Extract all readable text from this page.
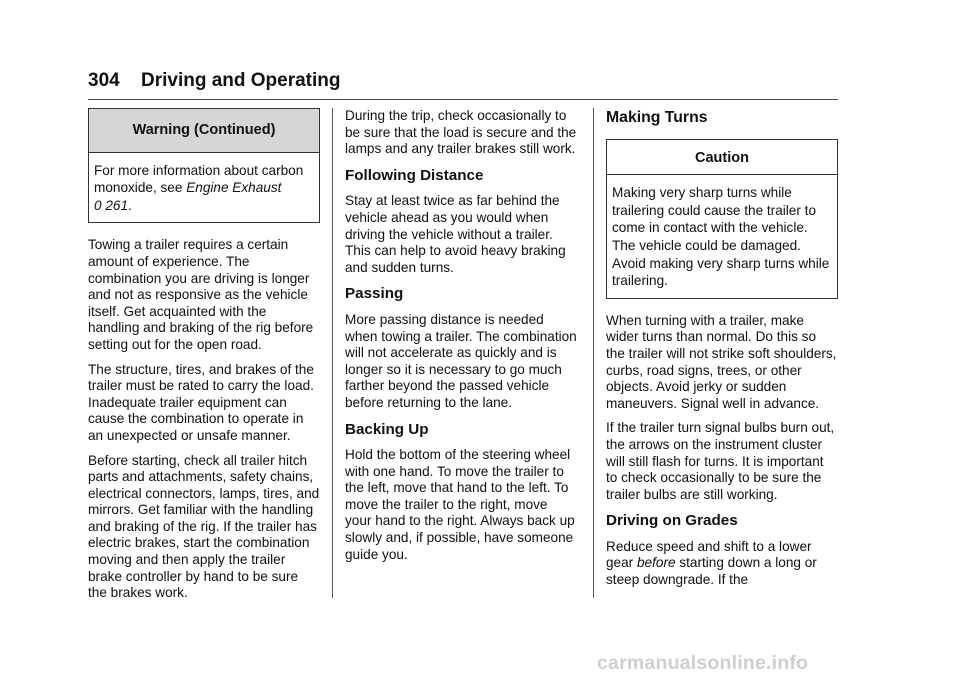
304 Driving and Operating
Warning (Continued)
For more information about carbon monoxide, see Engine Exhaust
0 261.

Towing a trailer requires a certain amount of experience. The combination you are driving is longer and not as responsive as the vehicle itself. Get acquainted with the handling and braking of the rig before setting out for the open road.

The structure, tires, and brakes of the trailer must be rated to carry the load. Inadequate trailer equipment can cause the combination to operate in an unexpected or unsafe manner.

Before starting, check all trailer hitch parts and attachments, safety chains, electrical connectors, lamps, tires, and mirrors. Get familiar with the handling and braking of the rig. If the trailer has electric brakes, start the combination moving and then apply the trailer brake controller by hand to be sure the brakes work.

During the trip, check occasionally to be sure that the load is secure and the lamps and any trailer brakes still work.

Following Distance

Stay at least twice as far behind the vehicle ahead as you would when driving the vehicle without a trailer. This can help to avoid heavy braking and sudden turns.

Passing

More passing distance is needed when towing a trailer. The combination will not accelerate as quickly and is longer so it is necessary to go much farther beyond the passed vehicle before returning to the lane.

Backing Up

Hold the bottom of the steering wheel with one hand. To move the trailer to the left, move that hand to the left. To move the trailer to the right, move your hand to the right. Always back up slowly and, if possible, have someone guide you.

Making Turns
Caution
Making very sharp turns while trailering could cause the trailer to come in contact with the vehicle. The vehicle could be damaged. Avoid making very sharp turns while trailering.

When turning with a trailer, make wider turns than normal. Do this so the trailer will not strike soft shoulders, curbs, road signs, trees, or other objects. Avoid jerky or sudden maneuvers. Signal well in advance.

If the trailer turn signal bulbs burn out, the arrows on the instrument cluster will still flash for turns. It is important to check occasionally to be sure the trailer bulbs are still working.

Driving on Grades

Reduce speed and shift to a lower gear before starting down a long or steep downgrade. If the

carmanualsonline.info
